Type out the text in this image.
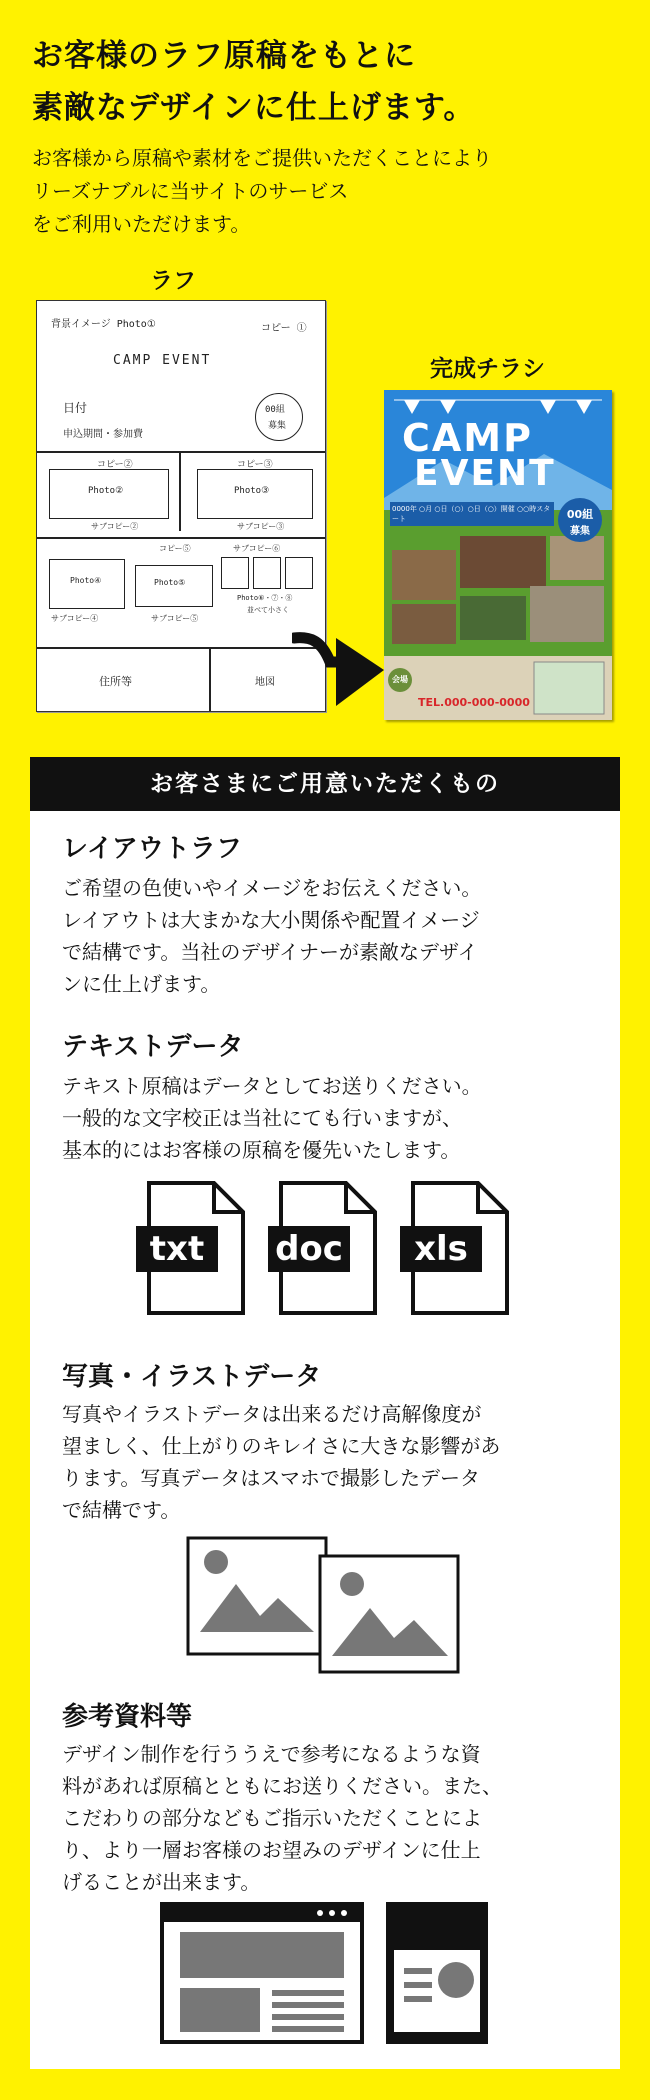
お客様のラフ原稿をもとに
素敵なデザインに仕上げます。
お客様から原稿や素材をご提供いただくことにより
リーズナブルに当サイトのサービス
をご利用いただけます。
ラフ
背景イメージ Photo①	コピー ①
CAMP EVENT
日付
申込期間・参加費
00組
募集
コピー②	コピー③
Photo②	Photo③
サブコピー②	サブコピー③
コピー⑤	サブコピー⑥
Photo④	Photo⑤
サブコピー④	サブコピー⑤
Photo⑥・⑦・⑧
並べて小さく
住所等	地図
完成チラシ
CAMP
EVENT
0000年 ○月 ○日（○）○日（○）開催 ○○時スタート	00組
募集
会場
TEL.000-000-0000
お客さまにご用意いただくもの
レイアウトラフ
ご希望の色使いやイメージをお伝えください。
レイアウトは大まかな大小関係や配置イメージ
で結構です。当社のデザイナーが素敵なデザイ
ンに仕上げます。
テキストデータ
テキスト原稿はデータとしてお送りください。
一般的な文字校正は当社にても行いますが、
基本的にはお客様の原稿を優先いたします。
txt	doc	xls
写真・イラストデータ
写真やイラストデータは出来るだけ高解像度が
望ましく、仕上がりのキレイさに大きな影響があ
ります。写真データはスマホで撮影したデータ
で結構です。
参考資料等
デザイン制作を行ううえで参考になるような資
料があれば原稿とともにお送りください。また、
こだわりの部分などもご指示いただくことによ
り、より一層お客様のお望みのデザインに仕上
げることが出来ます。
